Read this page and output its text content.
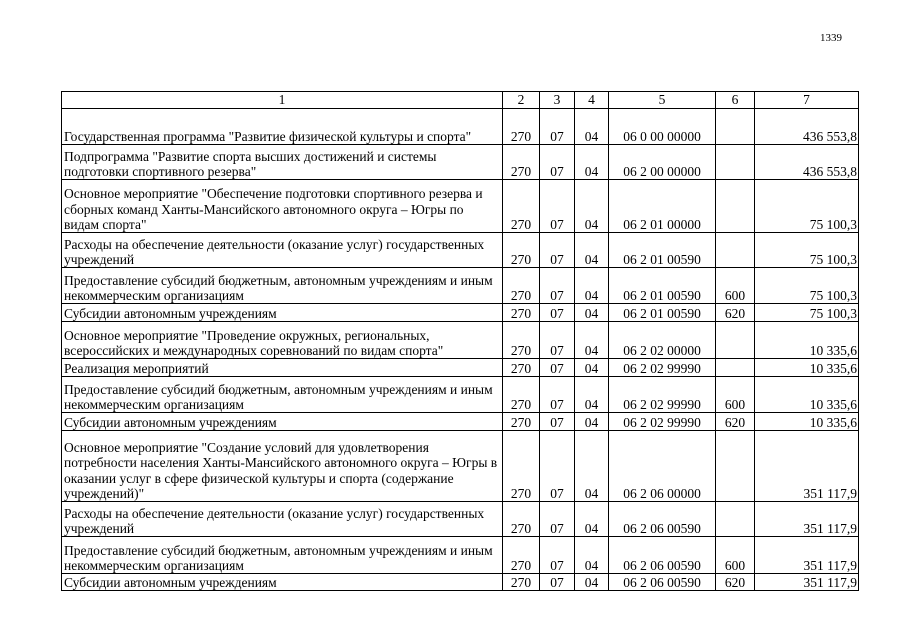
1339
1	2	3	4	5	6	7
Государственная программа "Развитие физической культуры и спорта"	270	07	04	06 0 00 00000		436 553,8
Подпрограмма "Развитие спорта высших достижений и системы подготовки спортивного резерва"	270	07	04	06 2 00 00000		436 553,8
Основное мероприятие "Обеспечение подготовки спортивного резерва и сборных команд Ханты-Мансийского автономного округа – Югры по видам спорта"	270	07	04	06 2 01 00000		75 100,3
Расходы на обеспечение деятельности (оказание услуг) государственных учреждений	270	07	04	06 2 01 00590		75 100,3
Предоставление субсидий бюджетным, автономным учреждениям и иным некоммерческим организациям	270	07	04	06 2 01 00590	600	75 100,3
Субсидии автономным учреждениям	270	07	04	06 2 01 00590	620	75 100,3
Основное мероприятие "Проведение окружных, региональных, всероссийских и международных соревнований по видам спорта"	270	07	04	06 2 02 00000		10 335,6
Реализация мероприятий	270	07	04	06 2 02 99990		10 335,6
Предоставление субсидий бюджетным, автономным учреждениям и иным некоммерческим организациям	270	07	04	06 2 02 99990	600	10 335,6
Субсидии автономным учреждениям	270	07	04	06 2 02 99990	620	10 335,6
Основное мероприятие "Создание условий для удовлетворения потребности населения Ханты-Мансийского автономного округа – Югры в оказании услуг в сфере физической культуры и спорта (содержание учреждений)"	270	07	04	06 2 06 00000		351 117,9
Расходы на обеспечение деятельности (оказание услуг) государственных учреждений	270	07	04	06 2 06 00590		351 117,9
Предоставление субсидий бюджетным, автономным учреждениям и иным некоммерческим организациям	270	07	04	06 2 06 00590	600	351 117,9
Субсидии автономным учреждениям	270	07	04	06 2 06 00590	620	351 117,9
